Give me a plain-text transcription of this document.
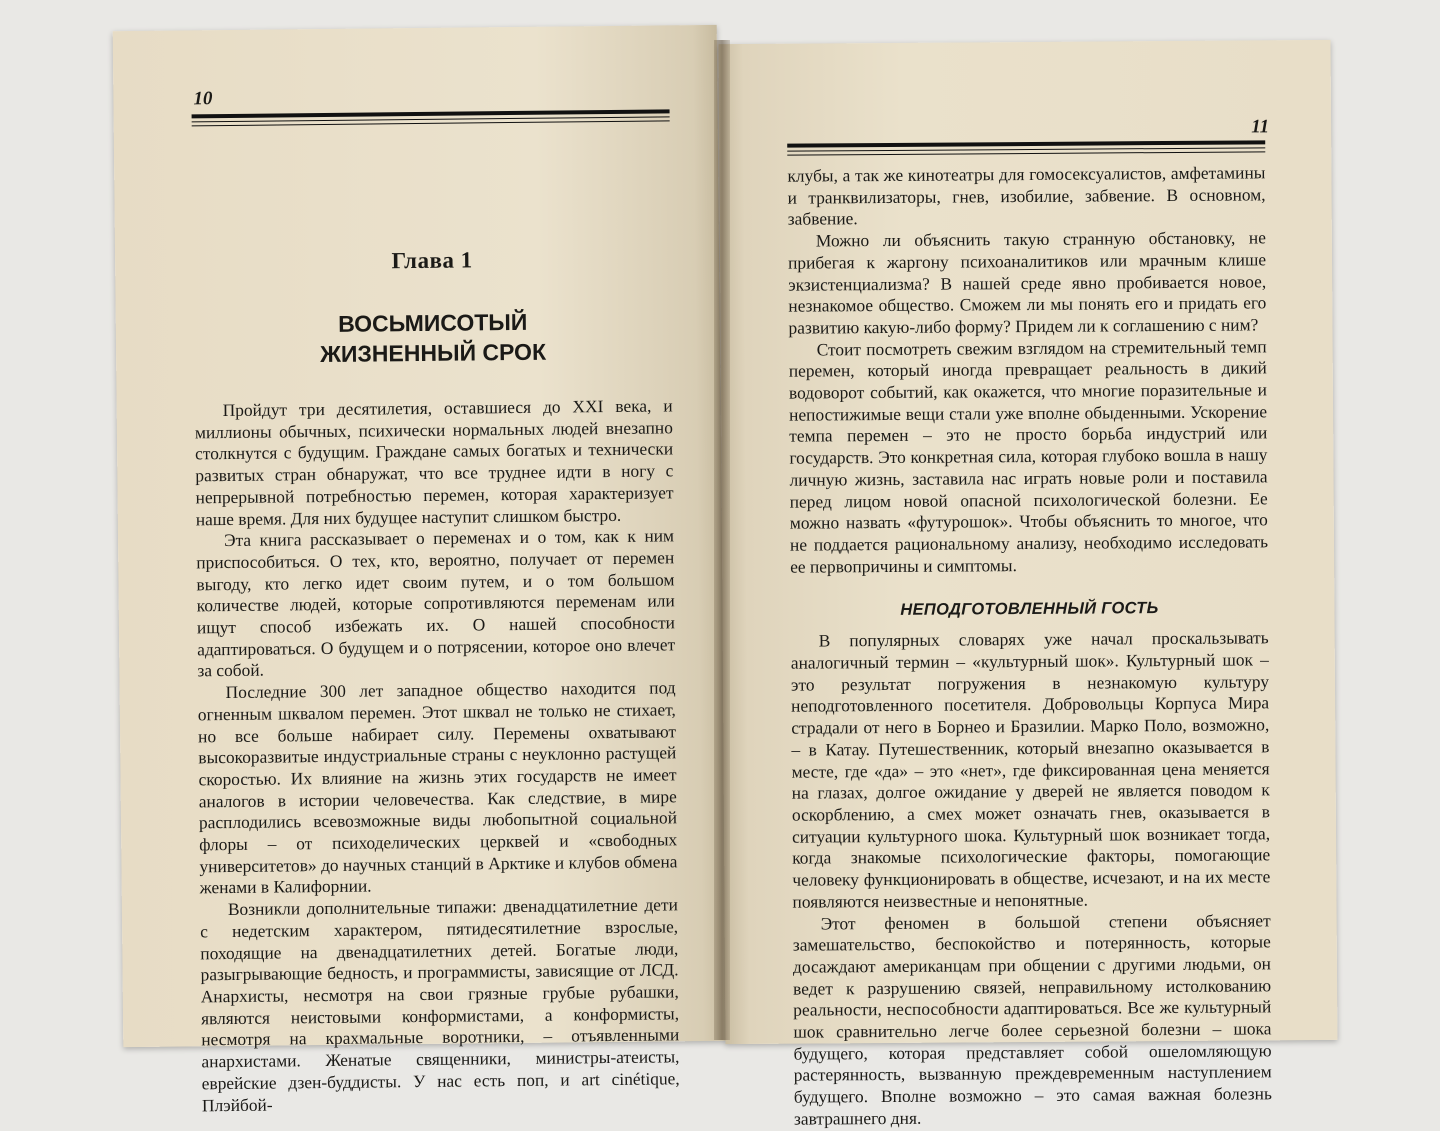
10
Глава 1
ВОСЬМИСОТЫЙ
ЖИЗНЕННЫЙ СРОК

Пройдут три десятилетия, оставшиеся до XXI века, и миллионы обычных, психически нормальных людей внезапно столкнутся с будущим. Граждане самых богатых и технически развитых стран обнаружат, что все труднее идти в ногу с непрерывной потребностью перемен, которая характеризует наше время. Для них будущее наступит слишком быстро.

Эта книга рассказывает о переменах и о том, как к ним приспособиться. О тех, кто, вероятно, получает от перемен выгоду, кто легко идет своим путем, и о том большом количестве людей, которые сопротивляются переменам или ищут способ избежать их. О нашей способности адаптироваться. О будущем и о потрясении, которое оно влечет за собой.

Последние 300 лет западное общество находится под огненным шквалом перемен. Этот шквал не только не стихает, но все больше набирает силу. Перемены охватывают высокоразвитые индустриальные страны с неуклонно растущей скоростью. Их влияние на жизнь этих государств не имеет аналогов в истории человечества. Как следствие, в мире расплодились всевозможные виды любопытной социальной флоры – от психоделических церквей и «свободных университетов» до научных станций в Арктике и клубов обмена женами в Калифорнии.

Возникли дополнительные типажи: двенадцатилетние дети с недетским характером, пятидесятилетние взрослые, походящие на двенадцатилетних детей. Богатые люди, разыгрывающие бедность, и программисты, зависящие от ЛСД. Анархисты, несмотря на свои грязные грубые рубашки, являются неистовыми конформистами, а конформисты, несмотря на крахмальные воротники, – отъявленными анархистами. Женатые священники, министры-атеисты, еврейские дзен-буддисты. У нас есть поп, и art cinétique, Плэйбой-

11

клубы, а так же кинотеатры для гомосексуалистов, амфетамины и транквилизаторы, гнев, изобилие, забвение. В основном, забвение.

Можно ли объяснить такую странную обстановку, не прибегая к жаргону психоаналитиков или мрачным клише экзистенциализма? В нашей среде явно пробивается новое, незнакомое общество. Сможем ли мы понять его и придать его развитию какую-либо форму? Придем ли к соглашению с ним?

Стоит посмотреть свежим взглядом на стремительный темп перемен, который иногда превращает реальность в дикий водоворот событий, как окажется, что многие поразительные и непостижимые вещи стали уже вполне обыденными. Ускорение темпа перемен – это не просто борьба индустрий или государств. Это конкретная сила, которая глубоко вошла в нашу личную жизнь, заставила нас играть новые роли и поставила перед лицом новой опасной психологической болезни. Ее можно назвать «футурошок». Чтобы объяснить то многое, что не поддается рациональному анализу, необходимо исследовать ее первопричины и симптомы.

НЕПОДГОТОВЛЕННЫЙ ГОСТЬ

В популярных словарях уже начал проскальзывать аналогичный термин – «культурный шок». Культурный шок – это результат погружения в незнакомую культуру неподготовленного посетителя. Добровольцы Корпуса Мира страдали от него в Борнео и Бразилии. Марко Поло, возможно, – в Катау. Путешественник, который внезапно оказывается в месте, где «да» – это «нет», где фиксированная цена меняется на глазах, долгое ожидание у дверей не является поводом к оскорблению, а смех может означать гнев, оказывается в ситуации культурного шока. Культурный шок возникает тогда, когда знакомые психологические факторы, помогающие человеку функционировать в обществе, исчезают, и на их месте появляются неизвестные и непонятные.

Этот феномен в большой степени объясняет замешательство, беспокойство и потерянность, которые досаждают американцам при общении с другими людьми, он ведет к разрушению связей, неправильному истолкованию реальности, неспособности адаптироваться. Все же культурный шок сравнительно легче более серьезной болезни – шока будущего, которая представляет собой ошеломляющую растерянность, вызванную преждевременным наступлением будущего. Вполне возможно – это самая важная болезнь завтрашнего дня.
